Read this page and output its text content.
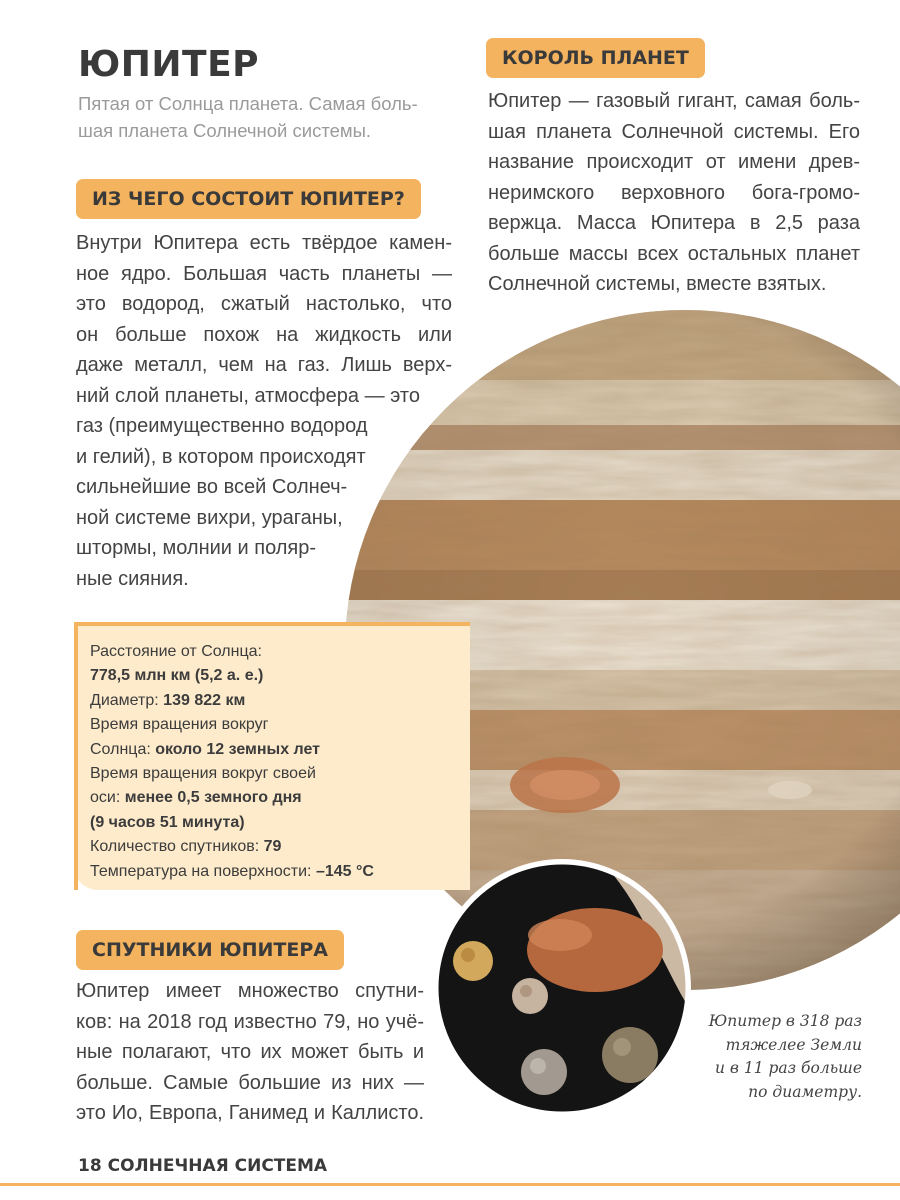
ЮПИТЕР
Пятая от Солнца планета. Самая боль-
шая планета Солнечной системы.
ИЗ ЧЕГО СОСТОИТ ЮПИТЕР?
Внутри Юпитера есть твёрдое камен-
ное ядро. Большая часть планеты —
это водород, сжатый настолько, что
он больше похож на жидкость или
даже металл, чем на газ. Лишь верх-
ний слой планеты, атмосфера — это
газ (преимущественно водород
и гелий), в котором происходят
сильнейшие во всей Солнеч-
ной системе вихри, ураганы,
штормы, молнии и поляр-
ные сияния.
КОРОЛЬ ПЛАНЕТ
Юпитер — газовый гигант, самая боль-
шая планета Солнечной системы. Его
название происходит от имени древ-
неримского верховного бога-громо-
вержца. Масса Юпитера в 2,5 раза
больше массы всех остальных планет
Солнечной системы, вместе взятых.
Расстояние от Солнца:
778,5 млн км (5,2 а. е.)
Диаметр: 139 822 км
Время вращения вокруг
Солнца: около 12 земных лет
Время вращения вокруг своей
оси: менее 0,5 земного дня
(9 часов 51 минута)
Количество спутников: 79
Температура на поверхности: –145 °С
СПУТНИКИ ЮПИТЕРА
Юпитер имеет множество спутни-
ков: на 2018 год известно 79, но учё-
ные полагают, что их может быть и
больше. Самые большие из них —
это Ио, Европа, Ганимед и Каллисто.
Юпитер в 318 раз
тяжелее Земли
и в 11 раз больше
по диаметру.
18 СОЛНЕЧНАЯ СИСТЕМА
